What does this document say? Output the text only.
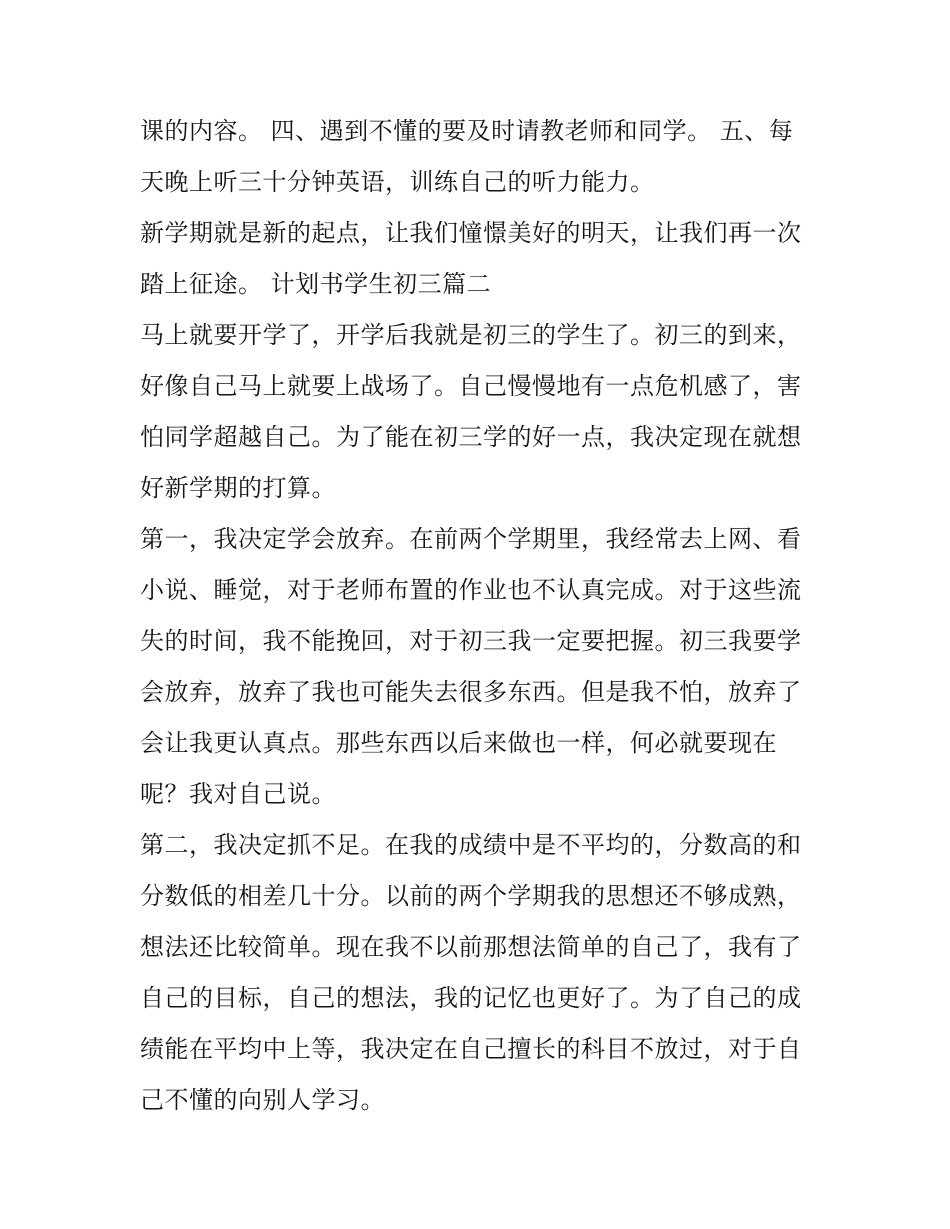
课的内容。 四、遇到不懂的要及时请教老师和同学。 五、每
天晚上听三十分钟英语，训练自己的听力能力。
新学期就是新的起点，让我们憧憬美好的明天，让我们再一次
踏上征途。 计划书学生初三篇二
马上就要开学了，开学后我就是初三的学生了。初三的到来，
好像自己马上就要上战场了。自己慢慢地有一点危机感了，害
怕同学超越自己。为了能在初三学的好一点，我决定现在就想
好新学期的打算。
第一，我决定学会放弃。在前两个学期里，我经常去上网、看
小说、睡觉，对于老师布置的作业也不认真完成。对于这些流
失的时间，我不能挽回，对于初三我一定要把握。初三我要学
会放弃，放弃了我也可能失去很多东西。但是我不怕，放弃了
会让我更认真点。那些东西以后来做也一样，何必就要现在
呢？我对自己说。
第二，我决定抓不足。在我的成绩中是不平均的，分数高的和
分数低的相差几十分。以前的两个学期我的思想还不够成熟，
想法还比较简单。现在我不以前那想法简单的自己了，我有了
自己的目标，自己的想法，我的记忆也更好了。为了自己的成
绩能在平均中上等，我决定在自己擅长的科目不放过，对于自
己不懂的向别人学习。
